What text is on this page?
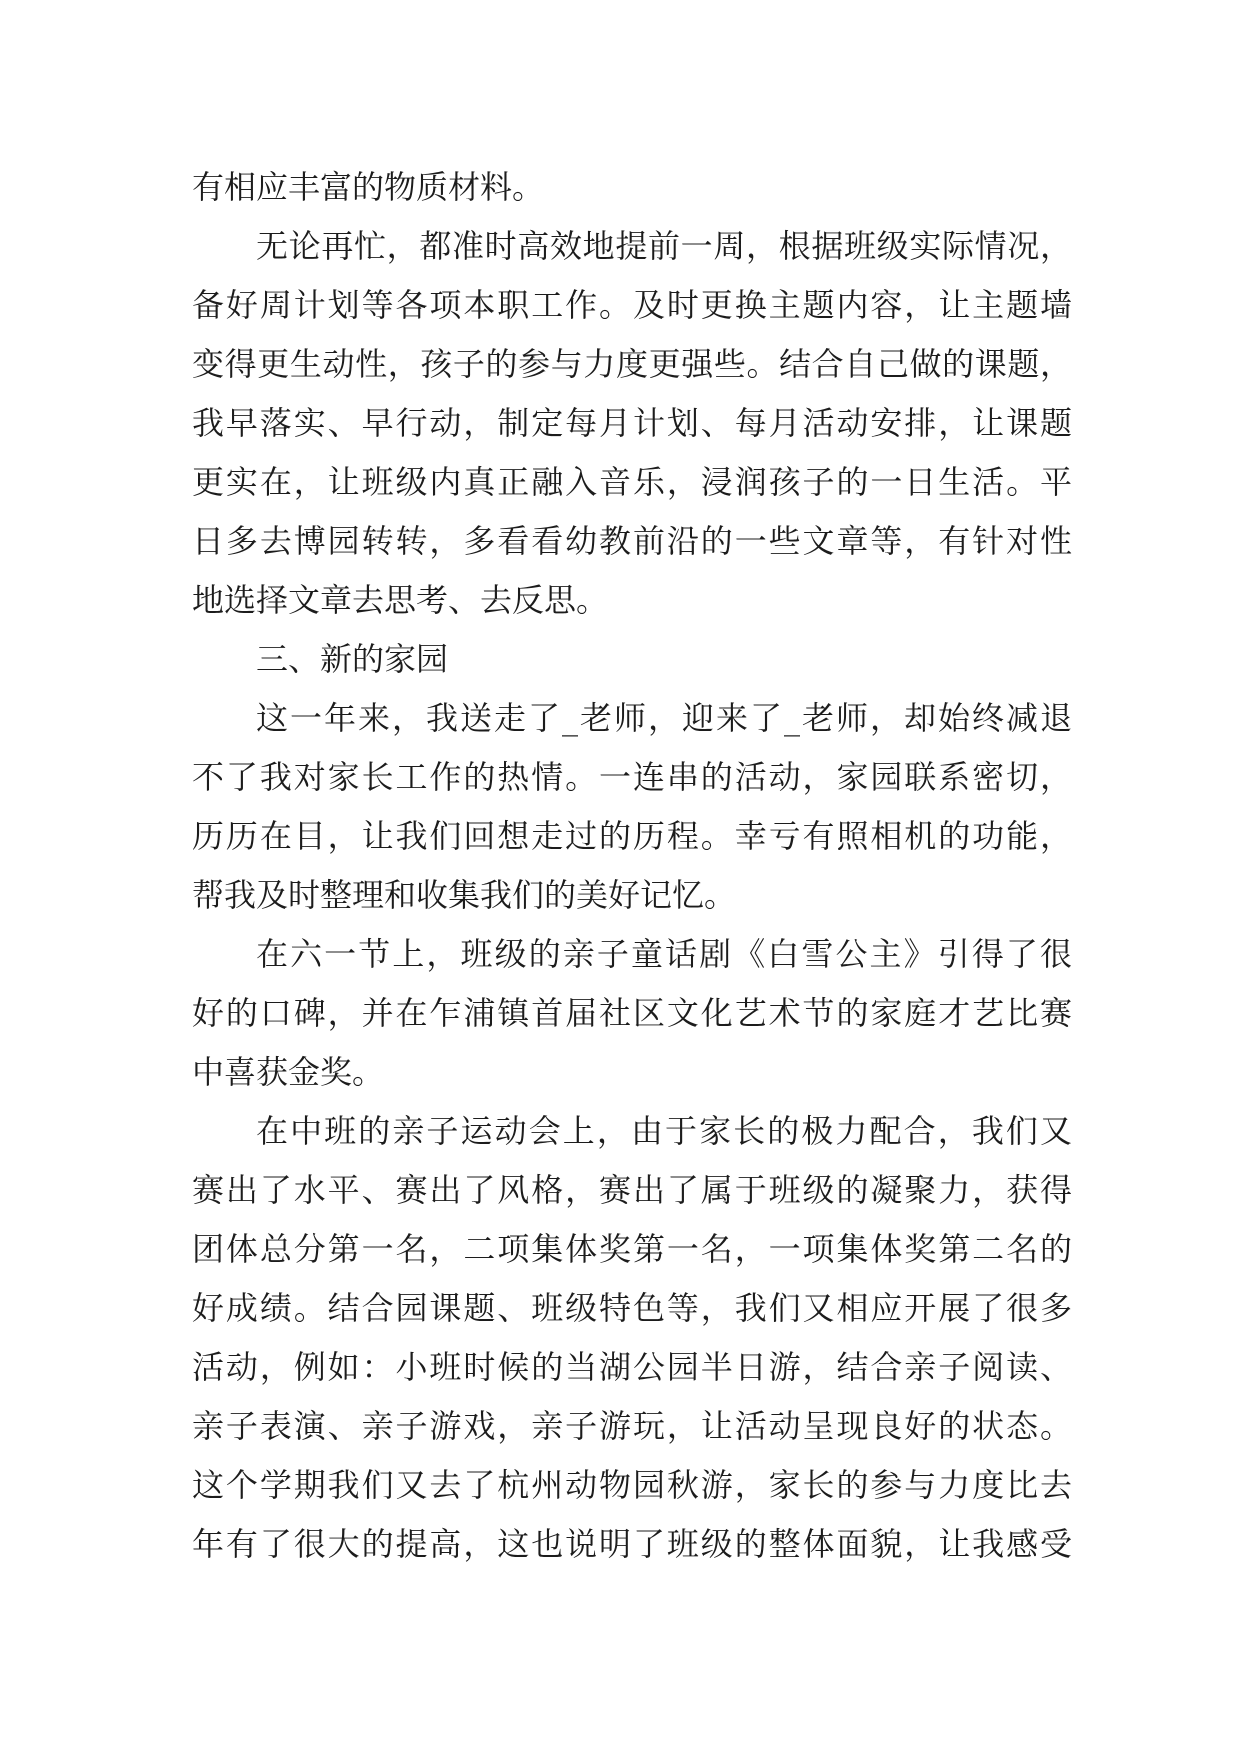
有相应丰富的物质材料。
无论再忙，都准时高效地提前一周，根据班级实际情况，
备好周计划等各项本职工作。及时更换主题内容，让主题墙
变得更生动性，孩子的参与力度更强些。结合自己做的课题，
我早落实、早行动，制定每月计划、每月活动安排，让课题
更实在，让班级内真正融入音乐，浸润孩子的一日生活。平
日多去博园转转，多看看幼教前沿的一些文章等，有针对性
地选择文章去思考、去反思。
三、新的家园
这一年来，我送走了_老师，迎来了_老师，却始终减退
不了我对家长工作的热情。一连串的活动，家园联系密切，
历历在目，让我们回想走过的历程。幸亏有照相机的功能，
帮我及时整理和收集我们的美好记忆。
在六一节上，班级的亲子童话剧《白雪公主》引得了很
好的口碑，并在乍浦镇首届社区文化艺术节的家庭才艺比赛
中喜获金奖。
在中班的亲子运动会上，由于家长的极力配合，我们又
赛出了水平、赛出了风格，赛出了属于班级的凝聚力，获得
团体总分第一名，二项集体奖第一名，一项集体奖第二名的
好成绩。结合园课题、班级特色等，我们又相应开展了很多
活动，例如：小班时候的当湖公园半日游，结合亲子阅读、
亲子表演、亲子游戏，亲子游玩，让活动呈现良好的状态。
这个学期我们又去了杭州动物园秋游，家长的参与力度比去
年有了很大的提高，这也说明了班级的整体面貌，让我感受
